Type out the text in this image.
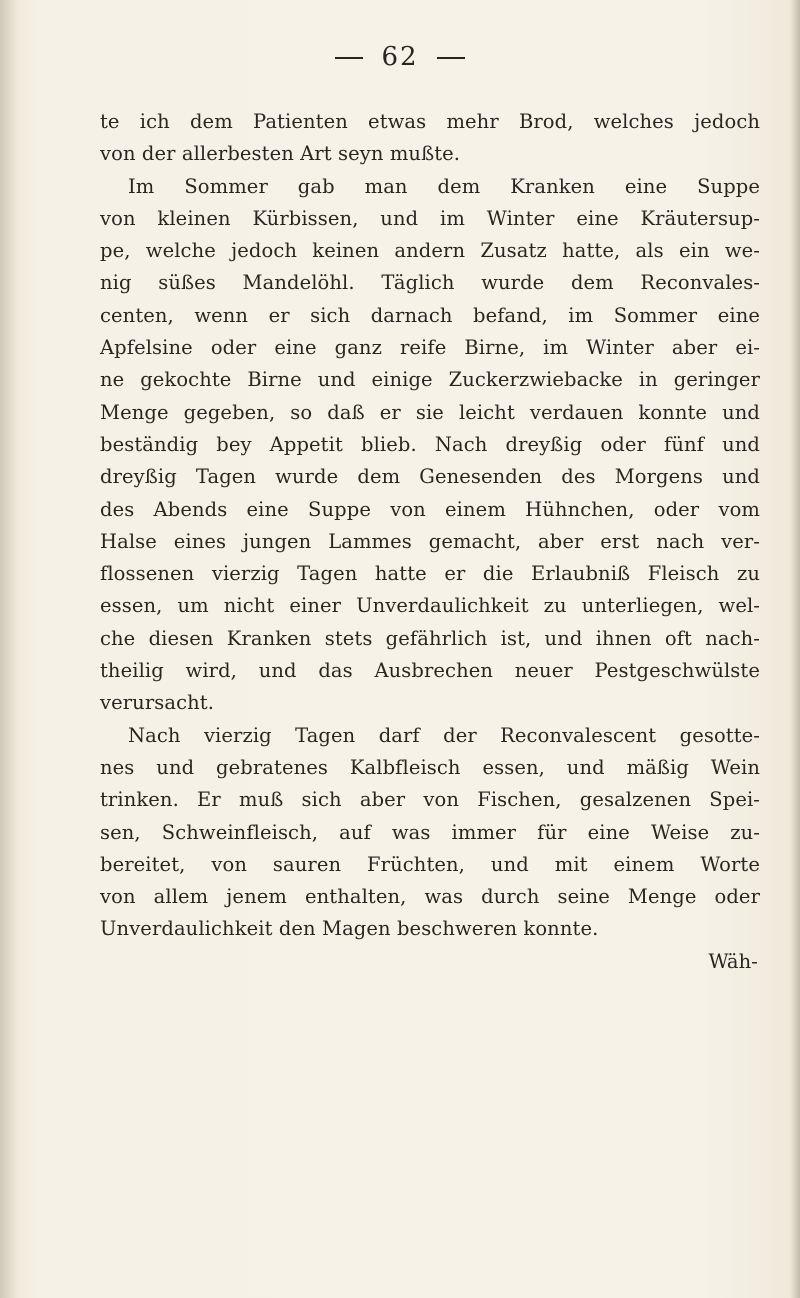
62
te ich dem Patienten etwas mehr Brod, welches jedoch
von der allerbesten Art seyn mußte.
Im Sommer gab man dem Kranken eine Suppe
von kleinen Kürbissen, und im Winter eine Kräutersup-
pe, welche jedoch keinen andern Zusatz hatte, als ein we-
nig süßes Mandelöhl. Täglich wurde dem Reconvales-
centen, wenn er sich darnach befand, im Sommer eine
Apfelsine oder eine ganz reife Birne, im Winter aber ei-
ne gekochte Birne und einige Zuckerzwiebacke in geringer
Menge gegeben, so daß er sie leicht verdauen konnte und
beständig bey Appetit blieb. Nach dreyßig oder fünf und
dreyßig Tagen wurde dem Genesenden des Morgens und
des Abends eine Suppe von einem Hühnchen, oder vom
Halse eines jungen Lammes gemacht, aber erst nach ver-
flossenen vierzig Tagen hatte er die Erlaubniß Fleisch zu
essen, um nicht einer Unverdaulichkeit zu unterliegen, wel-
che diesen Kranken stets gefährlich ist, und ihnen oft nach-
theilig wird, und das Ausbrechen neuer Pestgeschwülste
verursacht.
Nach vierzig Tagen darf der Reconvalescent gesotte-
nes und gebratenes Kalbfleisch essen, und mäßig Wein
trinken. Er muß sich aber von Fischen, gesalzenen Spei-
sen, Schweinfleisch, auf was immer für eine Weise zu-
bereitet, von sauren Früchten, und mit einem Worte
von allem jenem enthalten, was durch seine Menge oder
Unverdaulichkeit den Magen beschweren konnte.
Wäh-
